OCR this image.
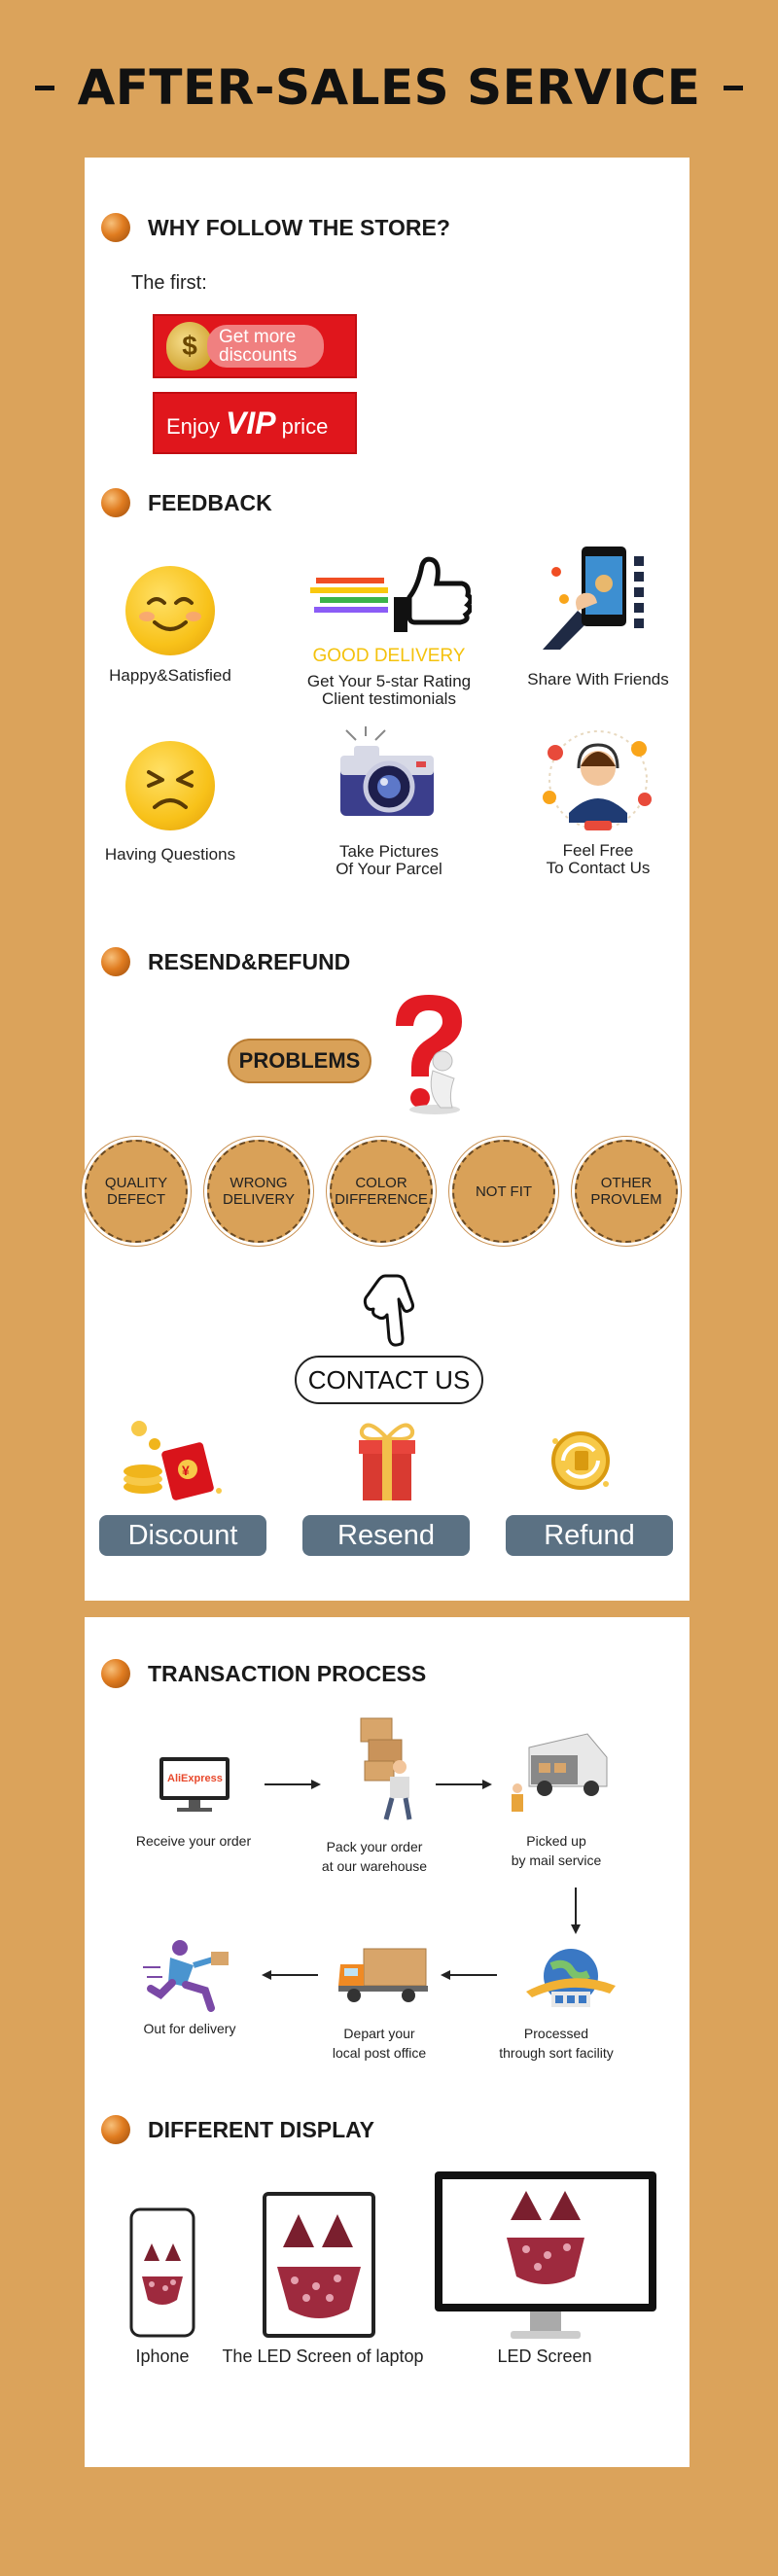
AFTER-SALES SERVICE
WHY FOLLOW THE STORE?
The first:
$	Get more discounts
Enjoy VIP price
FEEDBACK
Happy&Satisfied
GOOD DELIVERY
Get Your 5-star Rating
Client testimonials
Share With Friends
Having Questions	Take Pictures
Of Your Parcel
Feel Free
To Contact Us
RESEND&REFUND
PROBLEMS
QUALITY
DEFECT
WRONG
DELIVERY
COLOR
DIFFERENCE	NOT FIT	OTHER
PROVLEM
CONTACT US
¥
Discount	Resend	Refund
TRANSACTION PROCESS
AliExpress
Receive your order	Pack your order
at our warehouse
Picked up
by mail service
Processed
through sort facility
Depart your
local post office
Out for delivery
DIFFERENT DISPLAY
Iphone	The LED Screen of laptop	LED Screen
